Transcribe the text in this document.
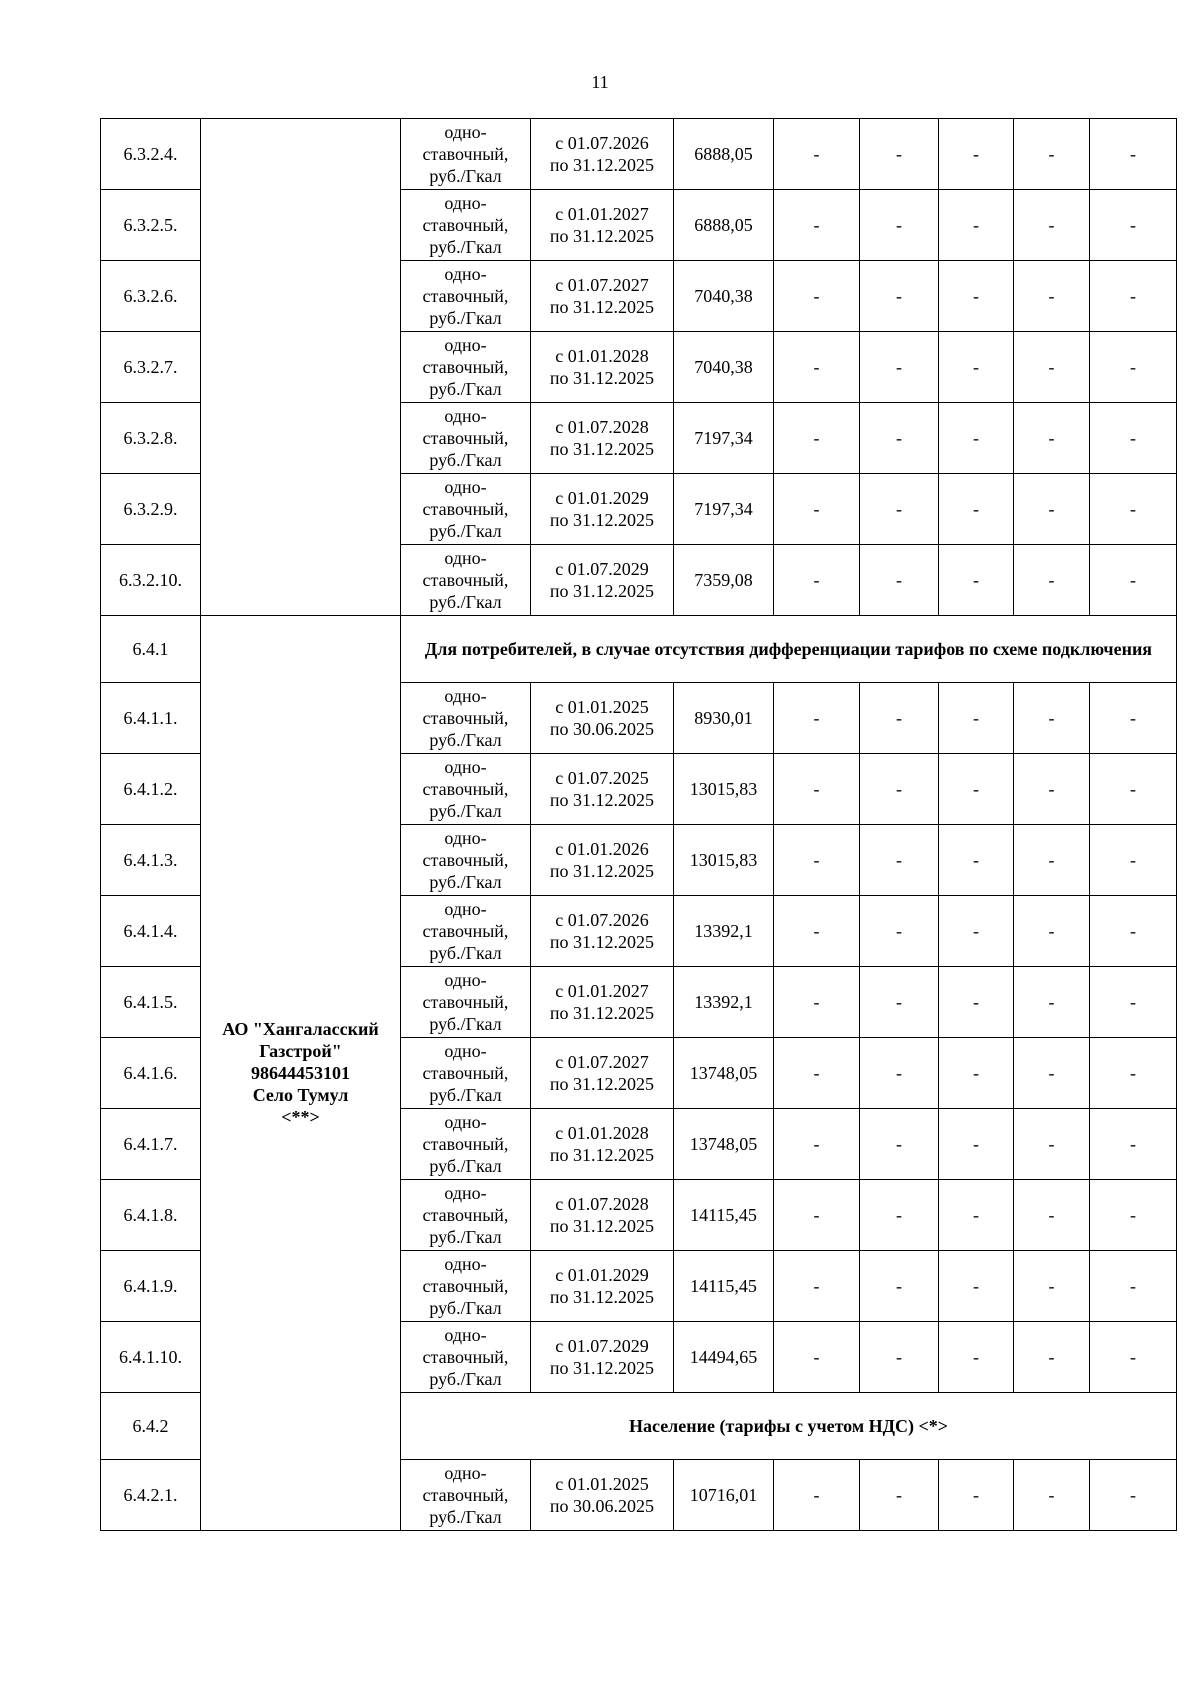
11
6.3.2.4.		одно-
ставочный,
руб./Гкал	с 01.07.2026
по 31.12.2025	6888,05	-	-	-	-	-
6.3.2.5.		одно-
ставочный,
руб./Гкал	с 01.01.2027
по 31.12.2025	6888,05	-	-	-	-	-
6.3.2.6.		одно-
ставочный,
руб./Гкал	с 01.07.2027
по 31.12.2025	7040,38	-	-	-	-	-
6.3.2.7.		одно-
ставочный,
руб./Гкал	с 01.01.2028
по 31.12.2025	7040,38	-	-	-	-	-
6.3.2.8.		одно-
ставочный,
руб./Гкал	с 01.07.2028
по 31.12.2025	7197,34	-	-	-	-	-
6.3.2.9.		одно-
ставочный,
руб./Гкал	с 01.01.2029
по 31.12.2025	7197,34	-	-	-	-	-
6.3.2.10.		одно-
ставочный,
руб./Гкал	с 01.07.2029
по 31.12.2025	7359,08	-	-	-	-	-
6.4.1	АО "Хангаласский
Газстрой"
98644453101
Село Тумул
<**>	Для потребителей, в случае отсутствия дифференциации тарифов по схеме подключения							
6.4.1.1.		одно-
ставочный,
руб./Гкал	с 01.01.2025
по 30.06.2025	8930,01	-	-	-	-	-
6.4.1.2.		одно-
ставочный,
руб./Гкал	с 01.07.2025
по 31.12.2025	13015,83	-	-	-	-	-
6.4.1.3.		одно-
ставочный,
руб./Гкал	с 01.01.2026
по 31.12.2025	13015,83	-	-	-	-	-
6.4.1.4.		одно-
ставочный,
руб./Гкал	с 01.07.2026
по 31.12.2025	13392,1	-	-	-	-	-
6.4.1.5.		одно-
ставочный,
руб./Гкал	с 01.01.2027
по 31.12.2025	13392,1	-	-	-	-	-
6.4.1.6.		одно-
ставочный,
руб./Гкал	с 01.07.2027
по 31.12.2025	13748,05	-	-	-	-	-
6.4.1.7.		одно-
ставочный,
руб./Гкал	с 01.01.2028
по 31.12.2025	13748,05	-	-	-	-	-
6.4.1.8.		одно-
ставочный,
руб./Гкал	с 01.07.2028
по 31.12.2025	14115,45	-	-	-	-	-
6.4.1.9.		одно-
ставочный,
руб./Гкал	с 01.01.2029
по 31.12.2025	14115,45	-	-	-	-	-
6.4.1.10.		одно-
ставочный,
руб./Гкал	с 01.07.2029
по 31.12.2025	14494,65	-	-	-	-	-
6.4.2		Население (тарифы с учетом НДС) <*>							
6.4.2.1.		одно-
ставочный,
руб./Гкал	с 01.01.2025
по 30.06.2025	10716,01	-	-	-	-	-
